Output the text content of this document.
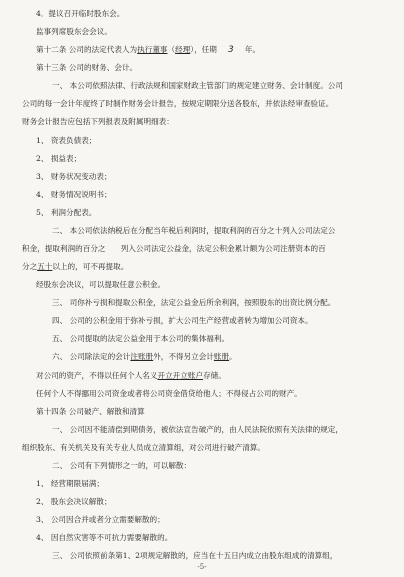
4．提议召开临时股东会。
监事列席股东会会议。
第十二条 公司的法定代表人为执行董事（经理），任期 3 年。
第十三条 公司的财务、会计。
一、 本公司依照法律、行政法规和国家财政主管部门的规定建立财务、会计制度。公司
公司的每一会计年度终了时制作财务会计报告，按规定期限分送各股东，并依法经审查验证。
财务会计报告应包括下列报表及附属明细表：
1、 资表负债表；
2、 损益表；
3、 财务状况变动表；
4、 财务情况说明书；
5、 利润分配表。
二、 本公司依法纳税后在分配当年税后利润时，提取利润的百分之十列入公司法定公
积金，提取利润的百分之　　列入公司法定公益金，法定公积金累计额为公司注册资本的百
分之五十以上的，可不再提取。
经股东会决议，可以提取任意公积金。
三、 司你补亏损和提取公积金，法定公益金后所余利润，按照股东的出资比例分配。
四、 公司的公积金用于弥补亏损，扩大公司生产经营或者转为增加公司资本。
五、 公司提取的法定公益金用于本公司的集体福利。
六、 公司除法定的会计注账册外，不得另立会计账册。
对公司的资产，不得以任何个人名义开立开立账户存储。
任何个人不得挪用公司资金或者将公司资金借贷给他人；不得侵占公司的财产。
第十四条 公司破产、解散和清算
一、 公司因不能清偿到期债务，被依法宣告破产的，由人民法院依照有关法律的规定，
组织股东、有关机关及有关专业人员成立清算组，对公司进行破产清算。
二、 公司有下列情形之一的，可以解散：
1、 经营期限届满；
2、 股东会决议解散；
3、 公司因合并或者分立需要解散的；
4、 因自然灾害等不可抗力需要解散的。
三、 公司依照前条第1、2项规定解散的，应当在十五日内成立由股东组成的清算组，
-5-
